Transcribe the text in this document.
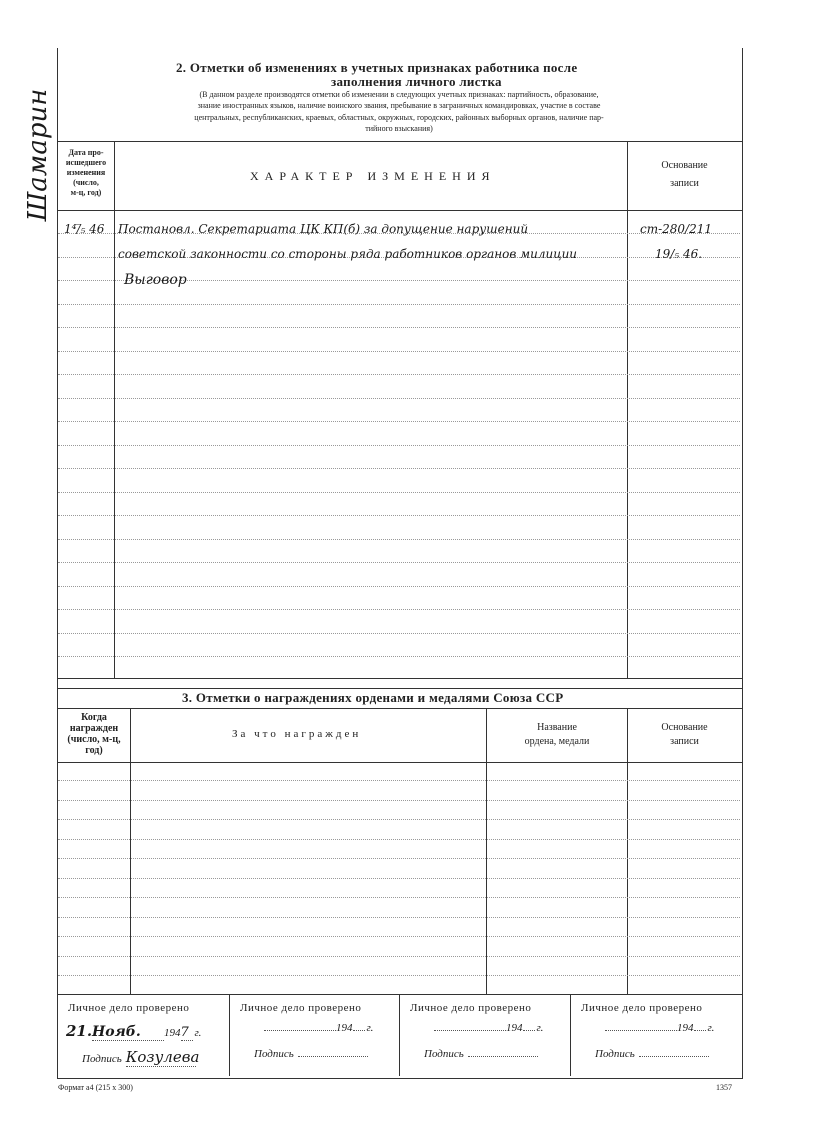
Шамарин
2. Отметки об изменениях в учетных признаках работника после
заполнения личного листка
(В данном разделе производятся отметки об изменении в следующих учетных признаках: партийность, образование,
знание иностранных языков, наличие воинского звания, пребывание в заграничных командировках, участие в составе
центральных, республиканских, краевых, областных, окружных, городских, районных выборных органов, наличие пар-
тийного взыскания)
Дата про-
исшедшего
изменения
(число,
м-ц, год)
ХАРАКТЕР ИЗМЕНЕНИЯ
Основание
записи
1⁴/̅₅ 46 Постановл. Секретариата ЦК КП(б) за допущение нарушений
советской законности со стороны ряда работников органов милиции
Выговор
ст-280/211
19/₅ 46.
3. Отметки о награждениях орденами и медалями Союза ССР
Когда
награжден
(число, м-ц,
год)
За что награжден
Название
ордена, медали
Основание
записи
Личное дело проверено
21.Нояб. 1947 г.
Подпись Козулева
Личное дело проверено
194 г.
Подпись
Личное дело проверено
194 г.
Подпись
Личное дело проверено
194 г.
Подпись
Формат а4 (215 х 300)	1357
